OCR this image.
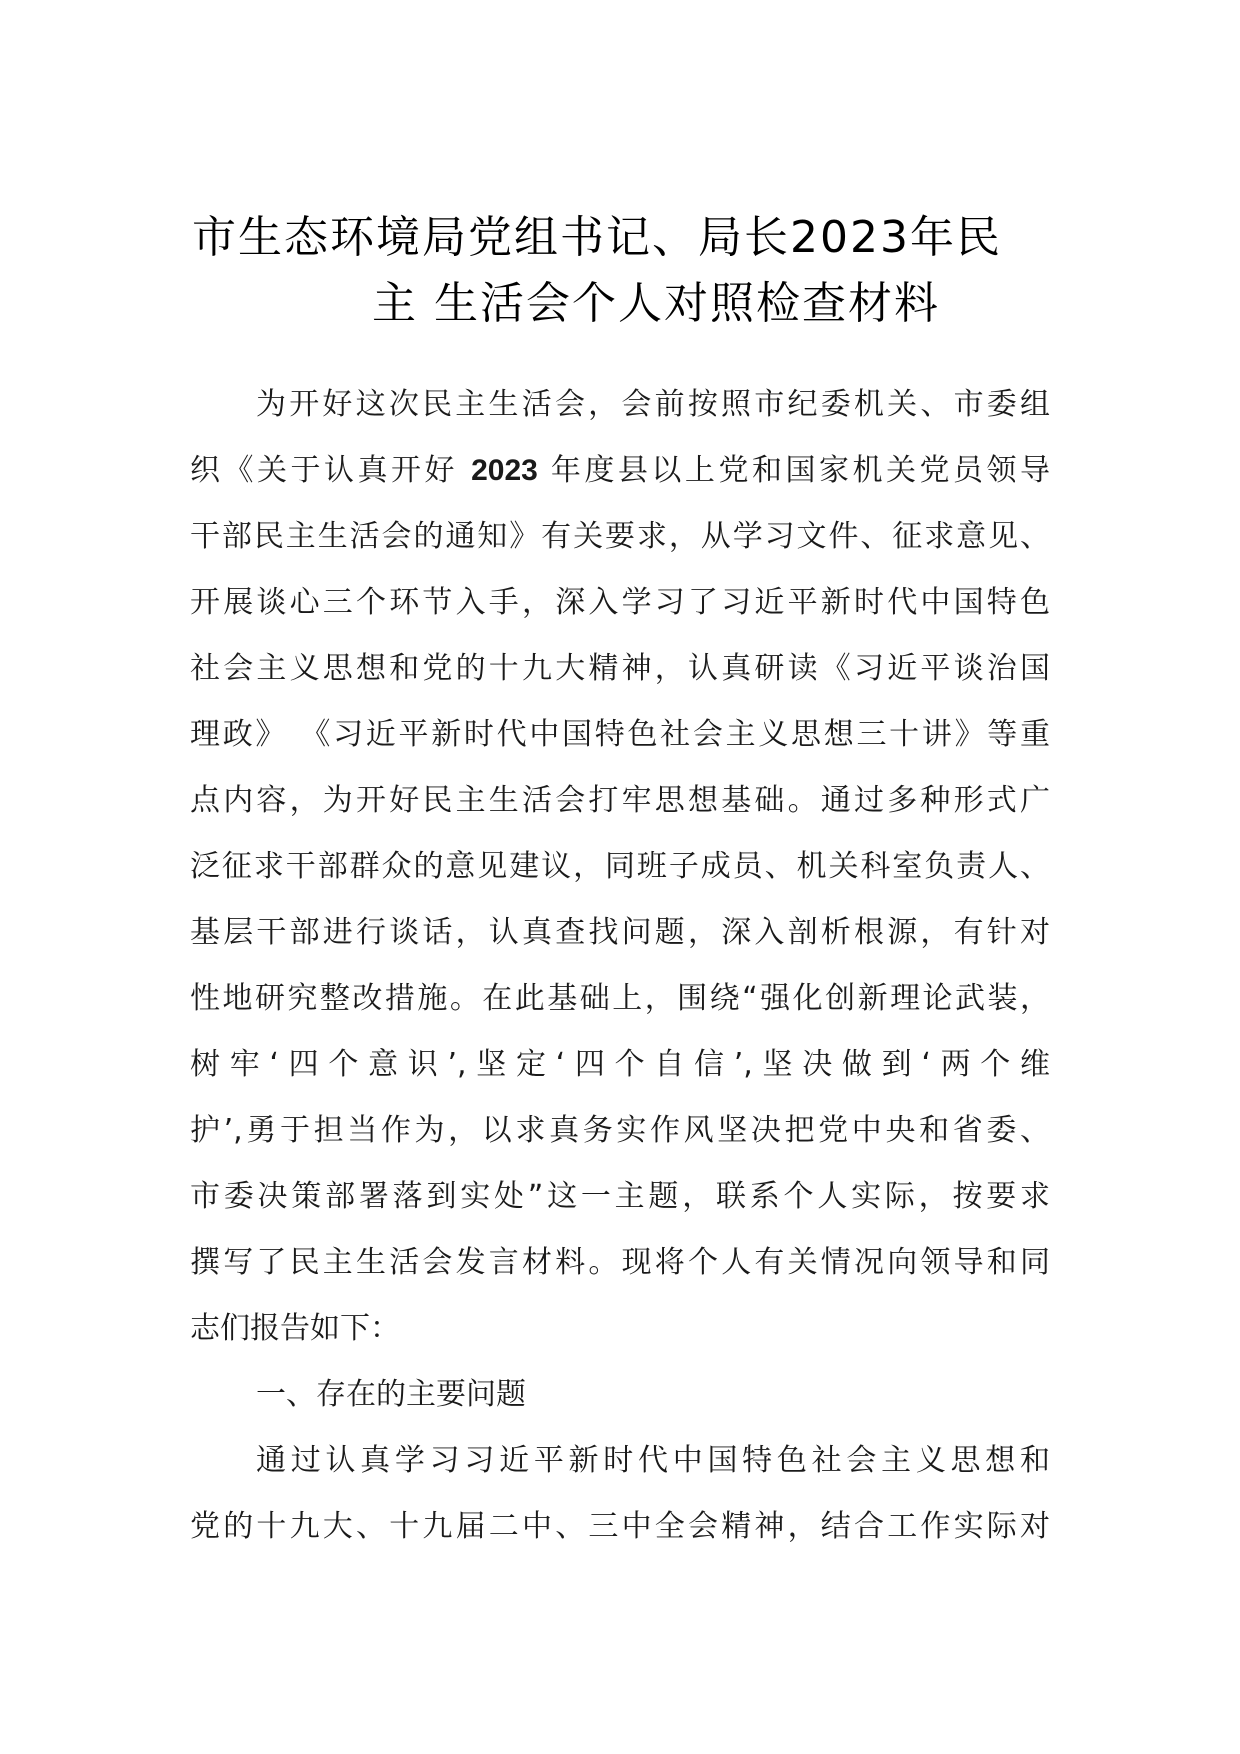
市生态环境局党组书记、局长2023年民
主 生活会个人对照检查材料
为开好这次民主生活会，会前按照市纪委机关、市委组
织《关于认真开好 2023 年度县以上党和国家机关党员领导
干部民主生活会的通知》有关要求，从学习文件、征求意见、
开展谈心三个环节入手，深入学习了习近平新时代中国特色
社会主义思想和党的十九大精神，认真研读《习近平谈治国
理政》 《习近平新时代中国特色社会主义思想三十讲》等重
点内容，为开好民主生活会打牢思想基础。通过多种形式广
泛征求干部群众的意见建议，同班子成员、机关科室负责人、
基层干部进行谈话，认真查找问题，深入剖析根源，有针对
性地研究整改措施。在此基础上，围绕“强化创新理论武装，
树牢‘四个意识’,坚定‘四个自信’,坚决做到‘两个维
护’,勇于担当作为，以求真务实作风坚决把党中央和省委、
市委决策部署落到实处”这一主题，联系个人实际，按要求
撰写了民主生活会发言材料。现将个人有关情况向领导和同
志们报告如下：
一、存在的主要问题
通过认真学习习近平新时代中国特色社会主义思想和
党的十九大、十九届二中、三中全会精神，结合工作实际对
